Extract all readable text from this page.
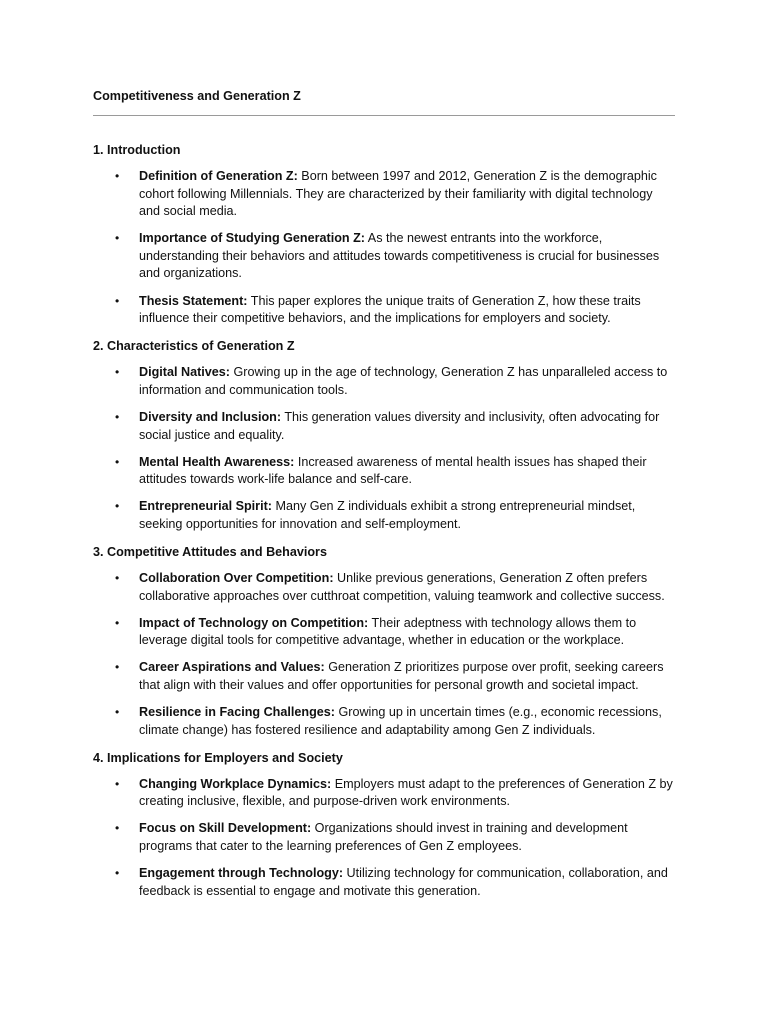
Competitiveness and Generation Z
1. Introduction
• Definition of Generation Z: Born between 1997 and 2012, Generation Z is the demographic cohort following Millennials. They are characterized by their familiarity with digital technology and social media.
• Importance of Studying Generation Z: As the newest entrants into the workforce, understanding their behaviors and attitudes towards competitiveness is crucial for businesses and organizations.
• Thesis Statement: This paper explores the unique traits of Generation Z, how these traits influence their competitive behaviors, and the implications for employers and society.
2. Characteristics of Generation Z
• Digital Natives: Growing up in the age of technology, Generation Z has unparalleled access to information and communication tools.
• Diversity and Inclusion: This generation values diversity and inclusivity, often advocating for social justice and equality.
• Mental Health Awareness: Increased awareness of mental health issues has shaped their attitudes towards work-life balance and self-care.
• Entrepreneurial Spirit: Many Gen Z individuals exhibit a strong entrepreneurial mindset, seeking opportunities for innovation and self-employment.
3. Competitive Attitudes and Behaviors
• Collaboration Over Competition: Unlike previous generations, Generation Z often prefers collaborative approaches over cutthroat competition, valuing teamwork and collective success.
• Impact of Technology on Competition: Their adeptness with technology allows them to leverage digital tools for competitive advantage, whether in education or the workplace.
• Career Aspirations and Values: Generation Z prioritizes purpose over profit, seeking careers that align with their values and offer opportunities for personal growth and societal impact.
• Resilience in Facing Challenges: Growing up in uncertain times (e.g., economic recessions, climate change) has fostered resilience and adaptability among Gen Z individuals.
4. Implications for Employers and Society
• Changing Workplace Dynamics: Employers must adapt to the preferences of Generation Z by creating inclusive, flexible, and purpose-driven work environments.
• Focus on Skill Development: Organizations should invest in training and development programs that cater to the learning preferences of Gen Z employees.
• Engagement through Technology: Utilizing technology for communication, collaboration, and feedback is essential to engage and motivate this generation.
